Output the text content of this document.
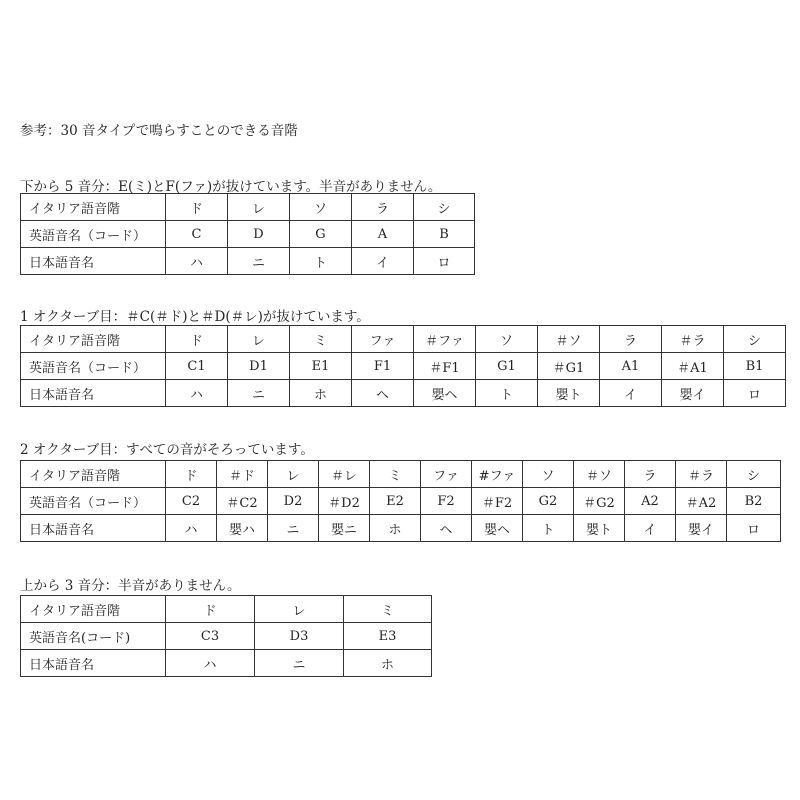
参考：30 音タイプで鳴らすことのできる音階
下から 5 音分：E(ミ)とF(ファ)が抜けています。半音がありません。
イタリア語音階	ド	レ	ソ	ラ	シ
英語音名（コード）	C	D	G	A	B
日本語音名	ハ	ニ	ト	イ	ロ
1 オクターブ目：＃C(＃ド)と＃D(＃レ)が抜けています。
イタリア語音階	ド	レ	ミ	ファ	＃ファ	ソ	＃ソ	ラ	＃ラ	シ
英語音名（コード）	C1	D1	E1	F1	＃F1	G1	＃G1	A1	＃A1	B1
日本語音名	ハ	ニ	ホ	ヘ	嬰ヘ	ト	嬰ト	イ	嬰イ	ロ
2 オクターブ目：すべての音がそろっています。
イタリア語音階	ド	＃ド	レ	＃レ	ミ	ファ	#ファ	ソ	＃ソ	ラ	＃ラ	シ
英語音名（コード）	C2	＃C2	D2	＃D2	E2	F2	＃F2	G2	＃G2	A2	＃A2	B2
日本語音名	ハ	嬰ハ	ニ	嬰ニ	ホ	ヘ	嬰ヘ	ト	嬰ト	イ	嬰イ	ロ
上から 3 音分：半音がありません。
イタリア語音階	ド	レ	ミ
英語音名(コード)	C3	D3	E3
日本語音名	ハ	ニ	ホ
